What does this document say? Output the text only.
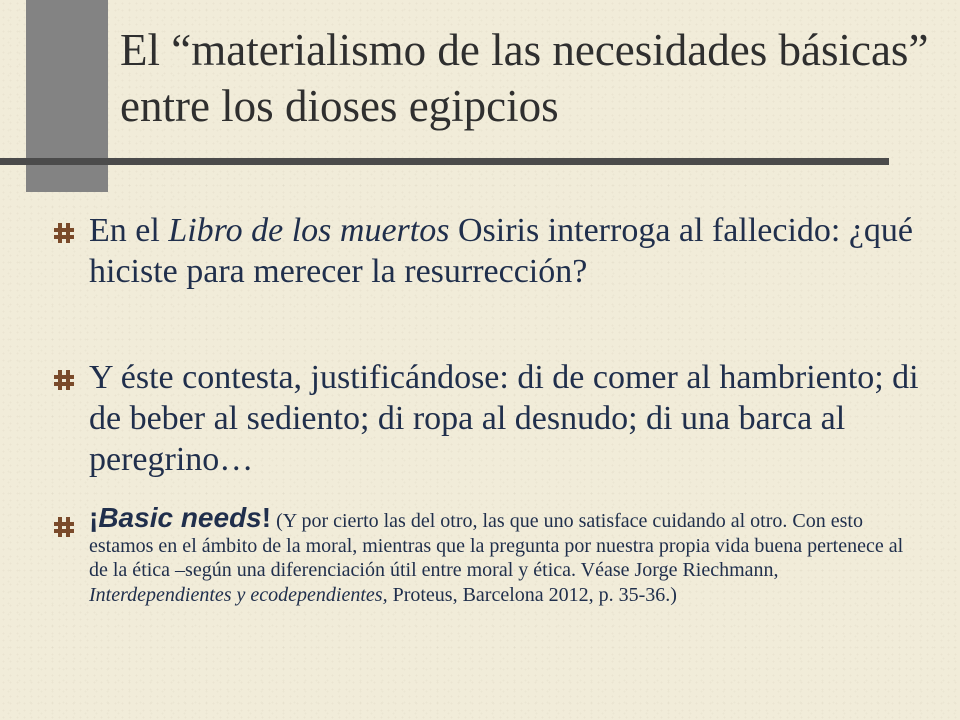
El “materialismo de las necesidades básicas” entre los dioses egipcios
En el Libro de los muertos Osiris interroga al fallecido: ¿qué hiciste para merecer la resurrección?
Y éste contesta, justificándose: di de comer al hambriento; di de beber al sediento; di ropa al desnudo; di una barca al peregrino…
¡Basic needs! (Y por cierto las del otro, las que uno satisface cuidando al otro. Con esto estamos en el ámbito de la moral, mientras que la pregunta por nuestra propia vida buena pertenece al de la ética –según una diferenciación útil entre moral y ética. Véase Jorge Riechmann, Interdependientes y ecodependientes, Proteus, Barcelona 2012, p. 35-36.)
